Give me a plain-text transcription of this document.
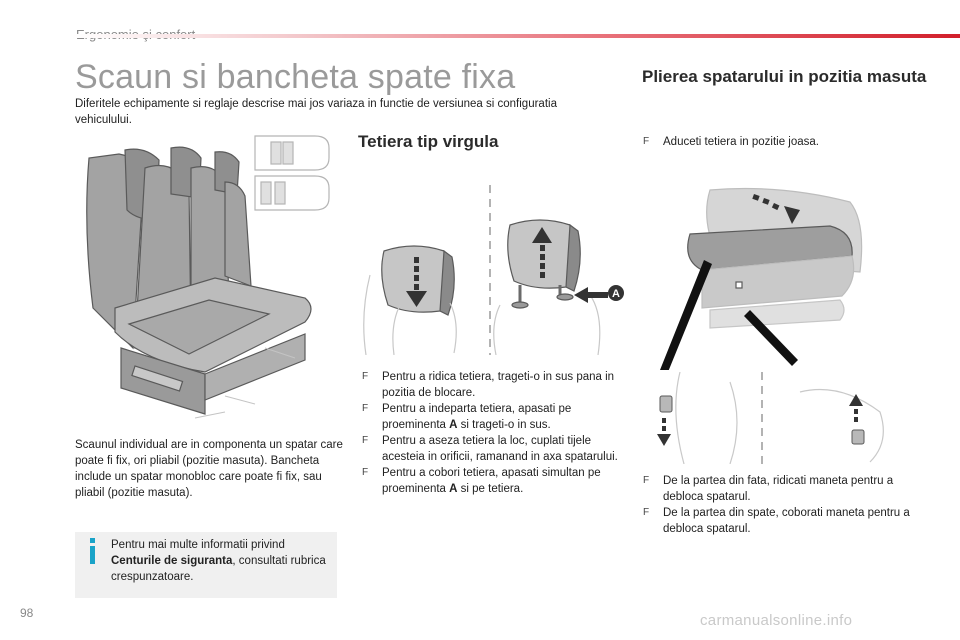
Scaun si bancheta spate fixa
Diferitele echipamente si reglaje descrise mai jos variaza in functie de versiunea si configuratia vehiculului.
Scaunul individual are in componenta un spatar care poate fi fix, ori pliabil (pozitie masuta). Bancheta include un spatar monobloc care poate fi fix, sau pliabil (pozitie masuta).
Pentru mai multe informatii privind Centurile de siguranta, consultati rubrica crespunzatoare.
Tetiera tip virgula
A
F Pentru a ridica tetiera, trageti-o in sus pana in pozitia de blocare.
F Pentru a indeparta tetiera, apasati pe proeminenta A si trageti-o in sus.
F Pentru a aseza tetiera la loc, cuplati tijele acesteia in orificii, ramanand in axa spatarului.
F Pentru a cobori tetiera, apasati simultan pe proeminenta A si pe tetiera.
Plierea spatarului in pozitia masuta
F Aduceti tetiera in pozitie joasa.
F De la partea din fata, ridicati maneta pentru a debloca spatarul.
F De la partea din spate, coborati maneta pentru a debloca spatarul.
98	carmanualsonline.info
